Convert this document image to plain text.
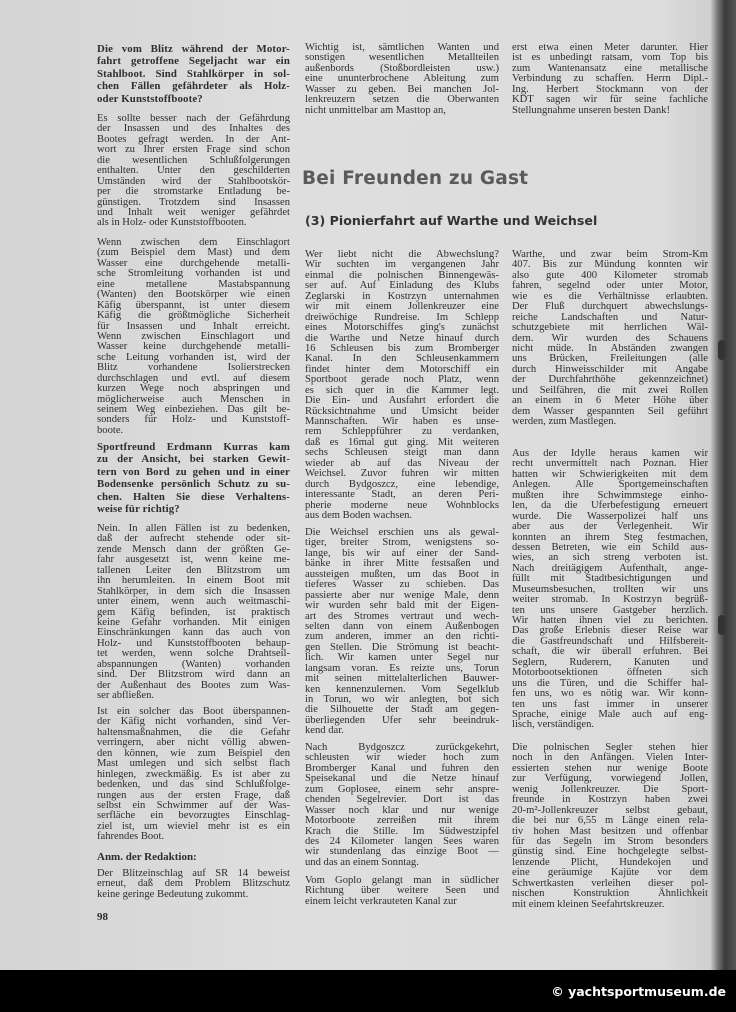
Die vom Blitz während der Motor-
fahrt getroffene Segeljacht war ein
Stahlboot. Sind Stahlkörper in sol-
chen Fällen gefährdeter als Holz-
oder Kunststoffboote?
Es sollte besser nach der Gefährdung
der Insassen und des Inhaltes des
Bootes gefragt werden. In der Ant-
wort zu Ihrer ersten Frage sind schon
die wesentlichen Schlußfolgerungen
enthalten. Unter den geschilderten
Umständen wird der Stahlbootskör-
per die stromstarke Entladung be-
günstigen. Trotzdem sind Insassen
und Inhalt weit weniger gefährdet
als in Holz- oder Kunststoffbooten.
Wenn zwischen dem Einschlagort
(zum Beispiel dem Mast) und dem
Wasser eine durchgehende metalli-
sche Stromleitung vorhanden ist und
eine metallene Mastabspannung
(Wanten) den Bootskörper wie einen
Käfig überspannt, ist unter diesem
Käfig die größtmögliche Sicherheit
für Insassen und Inhalt erreicht.
Wenn zwischen Einschlagort und
Wasser keine durchgehende metalli-
sche Leitung vorhanden ist, wird der
Blitz vorhandene Isolierstrecken
durchschlagen und evtl. auf diesem
kurzen Wege noch abspringen und
möglicherweise auch Menschen in
seinem Weg einbeziehen. Das gilt be-
sonders für Holz- und Kunststoff-
boote.
Sportfreund Erdmann Kurras kam
zu der Ansicht, bei starken Gewit-
tern von Bord zu gehen und in einer
Bodensenke persönlich Schutz zu su-
chen. Halten Sie diese Verhaltens-
weise für richtig?
Nein. In allen Fällen ist zu bedenken,
daß der aufrecht stehende oder sit-
zende Mensch dann der größten Ge-
fahr ausgesetzt ist, wenn keine me-
tallenen Leiter den Blitzstrom um
ihn herumleiten. In einem Boot mit
Stahlkörper, in dem sich die Insassen
unter einem, wenn auch weitmaschi-
gem Käfig befinden, ist praktisch
keine Gefahr vorhanden. Mit einigen
Einschränkungen kann das auch von
Holz- und Kunststoffbooten behaup-
tet werden, wenn solche Drahtseil-
abspannungen (Wanten) vorhanden
sind. Der Blitzstrom wird dann an
der Außenhaut des Bootes zum Was-
ser abfließen.
Ist ein solcher das Boot überspannen-
der Käfig nicht vorhanden, sind Ver-
haltensmaßnahmen, die die Gefahr
verringern, aber nicht völlig abwen-
den können, wie zum Beispiel den
Mast umlegen und sich selbst flach
hinlegen, zweckmäßig. Es ist aber zu
bedenken, und das sind Schlußfolge-
rungen aus der ersten Frage, daß
selbst ein Schwimmer auf der Was-
serfläche ein bevorzugtes Einschlag-
ziel ist, um wieviel mehr ist es ein
fahrendes Boot.
Anm. der Redaktion:
Der Blitzeinschlag auf SR 14 beweist
erneut, daß dem Problem Blitzschutz
keine geringe Bedeutung zukommt.
98
Wichtig ist, sämtlichen Wanten und
sonstigen wesentlichen Metallteilen
außenbords (Stoßbordleisten usw.)
eine ununterbrochene Ableitung zum
Wasser zu geben. Bei manchen Jol-
lenkreuzern setzen die Oberwanten
nicht unmittelbar am Masttop an,
erst etwa einen Meter darunter. Hier
ist es unbedingt ratsam, vom Top bis
zum Wantenansatz eine metallische
Verbindung zu schaffen. Herrn Dipl.-
Ing. Herbert Stockmann von der
KDT sagen wir für seine fachliche
Stellungnahme unseren besten Dank!
Bei Freunden zu Gast
(3) Pionierfahrt auf Warthe und Weichsel
Wer liebt nicht die Abwechslung?
Wir suchten im vergangenen Jahr
einmal die polnischen Binnengewäs-
ser auf. Auf Einladung des Klubs
Zeglarski in Kostrzyn unternahmen
wir mit einem Jollenkreuzer eine
dreiwöchige Rundreise. Im Schlepp
eines Motorschiffes ging's zunächst
die Warthe und Netze hinauf durch
16 Schleusen bis zum Bromberger
Kanal. In den Schleusenkammern
findet hinter dem Motorschiff ein
Sportboot gerade noch Platz, wenn
es sich quer in die Kammer legt.
Die Ein- und Ausfahrt erfordert die
Rücksichtnahme und Umsicht beider
Mannschaften. Wir haben es unse-
rem Schleppführer zu verdanken,
daß es 16mal gut ging. Mit weiteren
sechs Schleusen steigt man dann
wieder ab auf das Niveau der
Weichsel. Zuvor fuhren wir mitten
durch Bydgoszcz, eine lebendige,
interessante Stadt, an deren Peri-
pherie moderne neue Wohnblocks
aus dem Boden wachsen.
Die Weichsel erschien uns als gewal-
tiger, breiter Strom, wenigstens so-
lange, bis wir auf einer der Sand-
bänke in ihrer Mitte festsaßen und
aussteigen mußten, um das Boot in
tieferes Wasser zu schieben. Das
passierte aber nur wenige Male, denn
wir wurden sehr bald mit der Eigen-
art des Stromes vertraut und wech-
selten dann von einem Außenbogen
zum anderen, immer an den richti-
gen Stellen. Die Strömung ist beacht-
lich. Wir kamen unter Segel nur
langsam voran. Es reizte uns, Torun
mit seinen mittelalterlichen Bauwer-
ken kennenzulernen. Vom Segelklub
in Torun, wo wir anlegten, bot sich
die Silhouette der Stadt am gegen-
überliegenden Ufer sehr beeindruk-
kend dar.
Nach Bydgoszcz zurückgekehrt,
schleusten wir wieder hoch zum
Bromberger Kanal und fuhren den
Speisekanal und die Netze hinauf
zum Goplosee, einem sehr anspre-
chenden Segelrevier. Dort ist das
Wasser noch klar und nur wenige
Motorboote zerreißen mit ihrem
Krach die Stille. Im Südwestzipfel
des 24 Kilometer langen Sees waren
wir stundenlang das einzige Boot —
und das an einem Sonntag.
Vom Goplo gelangt man in südlicher
Richtung über weitere Seen und
einem leicht verkrauteten Kanal zur
Warthe, und zwar beim Strom-Km
407. Bis zur Mündung konnten wir
also gute 400 Kilometer stromab
fahren, segelnd oder unter Motor,
wie es die Verhältnisse erlaubten.
Der Fluß durchquert abwechslungs-
reiche Landschaften und Natur-
schutzgebiete mit herrlichen Wäl-
dern. Wir wurden des Schauens
nicht müde. In Abständen zwangen
uns Brücken, Freileitungen (alle
durch Hinweisschilder mit Angabe
der Durchfahrthöhe gekennzeichnet)
und Seilfähren, die mit zwei Rollen
an einem in 6 Meter Höhe über
dem Wasser gespannten Seil geführt
werden, zum Mastlegen.
Aus der Idylle heraus kamen wir
recht unvermittelt nach Poznan. Hier
hatten wir Schwierigkeiten mit dem
Anlegen. Alle Sportgemeinschaften
mußten ihre Schwimmstege einho-
len, da die Uferbefestigung erneuert
wurde. Die Wasserpolizei half uns
aber aus der Verlegenheit. Wir
konnten an ihrem Steg festmachen,
dessen Betreten, wie ein Schild aus-
wies, an sich streng verboten ist.
Nach dreitägigem Aufenthalt, ange-
füllt mit Stadtbesichtigungen und
Museumsbesuchen, trollten wir uns
weiter stromab. In Kostrzyn begrüß-
ten uns unsere Gastgeber herzlich.
Wir hatten ihnen viel zu berichten.
Das große Erlebnis dieser Reise war
die Gastfreundschaft und Hilfsbereit-
schaft, die wir überall erfuhren. Bei
Seglern, Ruderern, Kanuten und
Motorbootsektionen öffneten sich
uns die Türen, und die Schiffer hal-
fen uns, wo es nötig war. Wir konn-
ten uns fast immer in unserer
Sprache, einige Male auch auf eng-
lisch, verständigen.
Die polnischen Segler stehen hier
noch in den Anfängen. Vielen Inter-
essierten stehen nur wenige Boote
zur Verfügung, vorwiegend Jollen,
wenig Jollenkreuzer. Die Sport-
freunde in Kostrzyn haben zwei
20-m²-Jollenkreuzer selbst gebaut,
die bei nur 6,55 m Länge einen rela-
tiv hohen Mast besitzen und offenbar
für das Segeln im Strom besonders
günstig sind. Eine hochgelegte selbst-
lenzende Plicht, Hundekojen und
eine geräumige Kajüte vor dem
Schwertkasten verleihen dieser pol-
nischen Konstruktion Ähnlichkeit
mit einem kleinen Seefahrtskreuzer.
© yachtsportmuseum.de
